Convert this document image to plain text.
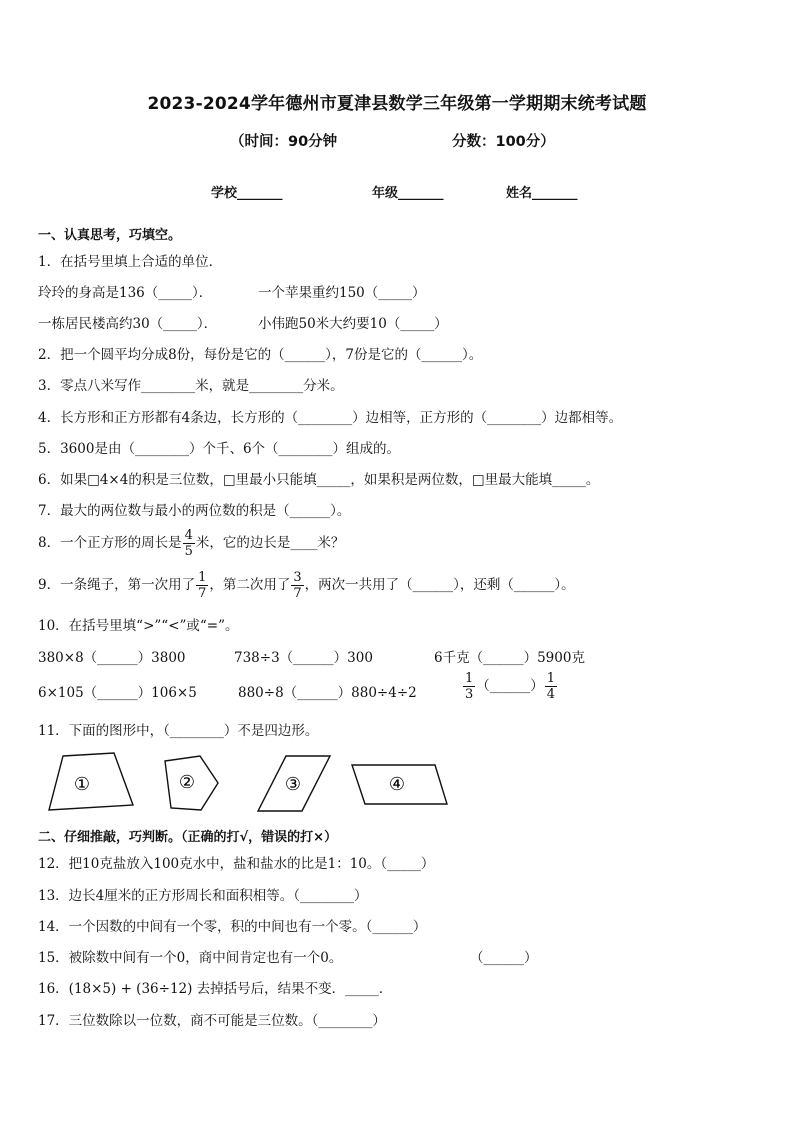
2023-2024学年德州市夏津县数学三年级第一学期期末统考试题
（时间：90分钟	分数：100分）
学校_______	年级_______	姓名_______
一、认真思考，巧填空。
1．在括号里填上合适的单位．
玲玲的身高是136（_____）．	一个苹果重约150（_____）
一栋居民楼高约30（_____）．	小伟跑50米大约要10（_____）
2．把一个圆平均分成8份，每份是它的（______），7份是它的（______）。
3．零点八米写作________米，就是________分米。
4．长方形和正方形都有4条边，长方形的（________）边相等，正方形的（________）边都相等。
5．3600是由（________）个千、6个（________）组成的。
6．如果□4×4的积是三位数，□里最小只能填_____，如果积是两位数，□里最大能填_____。
7．最大的两位数与最小的两位数的积是（______）。
8．一个正方形的周长是 $\frac{4}{5}$ 米，它的边长是____米？
9．一条绳子，第一次用了 $\frac{1}{7}$ ，第二次用了 $\frac{3}{7}$ ，两次一共用了（______），还剩（______）。
10．在括号里填“>”“<”或“=”。
380×8（______）3800	738÷3（______）300	6千克（______）5900克
6×105（______）106×5	880÷8（______）880÷4÷2	$\frac{1}{3}$ （______） $\frac{1}{4}$
11．下面的图形中，（________）不是四边形。
①	②	③	④
二、仔细推敲，巧判断。（正确的打√，错误的打×）
12．把10克盐放入100克水中，盐和盐水的比是1：10。（_____）
13．边长4厘米的正方形周长和面积相等。（________）
14．一个因数的中间有一个零，积的中间也有一个零。（______）
15．被除数中间有一个0，商中间肯定也有一个0。	（______）
16．(18×5) + (36÷12) 去掉括号后，结果不变．_____．
17．三位数除以一位数，商不可能是三位数。（________）
